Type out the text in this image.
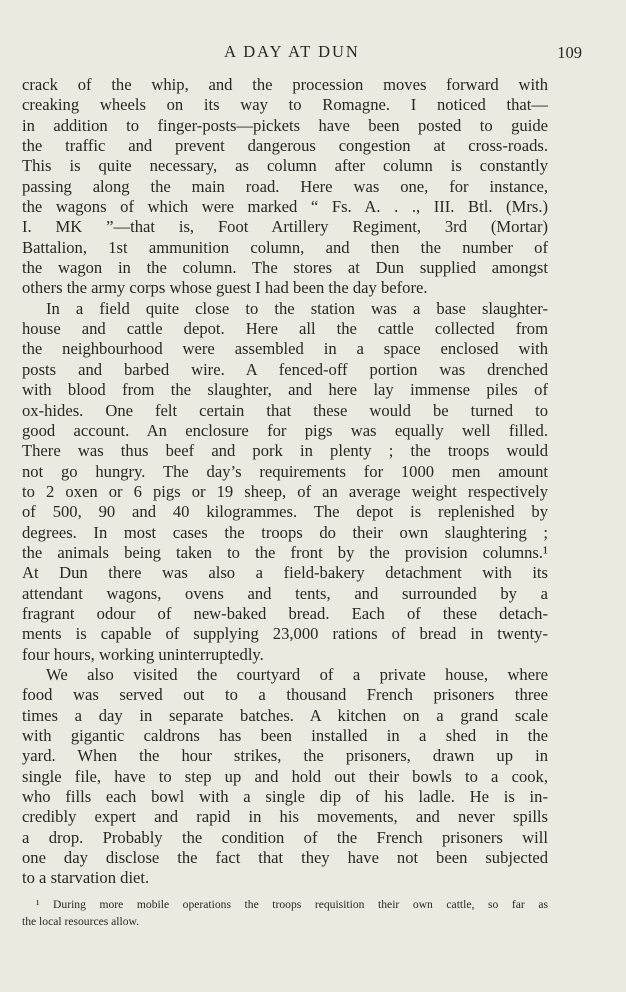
A DAY AT DUN	109
crack of the whip, and the procession moves forward with
creaking wheels on its way to Romagne. I noticed that—
in addition to finger-posts—pickets have been posted to guide
the traffic and prevent dangerous congestion at cross-roads.
This is quite necessary, as column after column is constantly
passing along the main road. Here was one, for instance,
the wagons of which were marked “ Fs. A. . ., III. Btl. (Mrs.)
I. MK ”—that is, Foot Artillery Regiment, 3rd (Mortar)
Battalion, 1st ammunition column, and then the number of
the wagon in the column. The stores at Dun supplied amongst
others the army corps whose guest I had been the day before.
In a field quite close to the station was a base slaughter-
house and cattle depot. Here all the cattle collected from
the neighbourhood were assembled in a space enclosed with
posts and barbed wire. A fenced-off portion was drenched
with blood from the slaughter, and here lay immense piles of
ox-hides. One felt certain that these would be turned to
good account. An enclosure for pigs was equally well filled.
There was thus beef and pork in plenty ; the troops would
not go hungry. The day’s requirements for 1000 men amount
to 2 oxen or 6 pigs or 19 sheep, of an average weight respectively
of 500, 90 and 40 kilogrammes. The depot is replenished by
degrees. In most cases the troops do their own slaughtering ;
the animals being taken to the front by the provision columns.¹
At Dun there was also a field-bakery detachment with its
attendant wagons, ovens and tents, and surrounded by a
fragrant odour of new-baked bread. Each of these detach-
ments is capable of supplying 23,000 rations of bread in twenty-
four hours, working uninterruptedly.
We also visited the courtyard of a private house, where
food was served out to a thousand French prisoners three
times a day in separate batches. A kitchen on a grand scale
with gigantic caldrons has been installed in a shed in the
yard. When the hour strikes, the prisoners, drawn up in
single file, have to step up and hold out their bowls to a cook,
who fills each bowl with a single dip of his ladle. He is in-
credibly expert and rapid in his movements, and never spills
a drop. Probably the condition of the French prisoners will
one day disclose the fact that they have not been subjected
to a starvation diet.
¹ During more mobile operations the troops requisition their own cattle, so far as
the local resources allow.
